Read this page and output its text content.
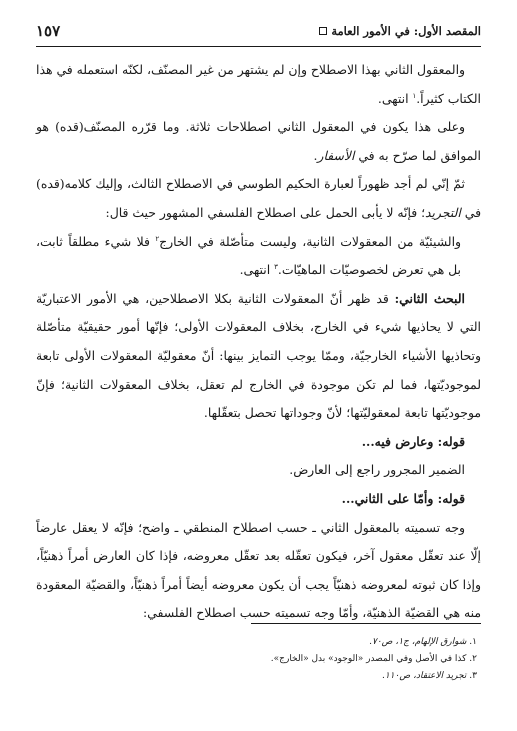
المقصد الأول: في الأمور العامة
١٥٧

والمعقول الثاني بهذا الاصطلاح وإن لم يشتهر من غير المصنّف، لكنّه استعمله في هذا الكتاب كثيراً.$^١$ انتهى.

وعلى هذا يكون في المعقول الثاني اصطلاحات ثلاثة. وما قرّره المصنّف(قده) هو الموافق لما صرّح به في الأسفار.

ثمّ إنّي لم أجد ظهوراً لعبارة الحكيم الطوسي في الاصطلاح الثالث، وإليك كلامه(قده) في التجريد؛ فإنّه لا يأبى الحمل على اصطلاح الفلسفي المشهور حيث قال:

والشيئيّة من المعقولات الثانية، وليست متأصّلة في الخارج$^٢$ فلا شيء مطلقاً ثابت، بل هي تعرض لخصوصيّات الماهيّات.$^٣$ انتهى.

البحث الثاني: قد ظهر أنّ المعقولات الثانية بكلا الاصطلاحين، هي الأمور الاعتباريّة التي لا يحاذيها شيء في الخارج، بخلاف المعقولات الأولى؛ فإنّها أمور حقيقيّة متأصّلة وتحاذيها الأشياء الخارجيّة، وممّا يوجب التمايز بينها: أنّ معقوليّة المعقولات الأولى تابعة لموجوديّتها، فما لم تكن موجودة في الخارج لم تعقل، بخلاف المعقولات الثانية؛ فإنّ موجوديّتها تابعة لمعقوليّتها؛ لأنّ وجوداتها تحصل بتعقّلها.

قوله: وعارض فيه...

الضمير المجرور راجع إلى العارض.

قوله: وأمّا على الثاني...

وجه تسميته بالمعقول الثاني ـ حسب اصطلاح المنطقي ـ واضح؛ فإنّه لا يعقل عارضاً إلّا عند تعقّل معقول آخر، فيكون تعقّله بعد تعقّل معروضه، فإذا كان العارض أمراً ذهنيّاً، وإذا كان ثبوته لمعروضه ذهنيّاً يجب أن يكون معروضه أيضاً أمراً ذهنيّاً، والقضيّة المعقودة منه هي القضيّة الذهنيّة، وأمّا وجه تسميته حسب اصطلاح الفلسفي:

١. شوارق الإلهام، ج١، ص٧٠.
٢. كذا في الأصل وفي المصدر «الوجود» بدل «الخارج».
٣. تجريد الاعتقاد، ص١١٠.
